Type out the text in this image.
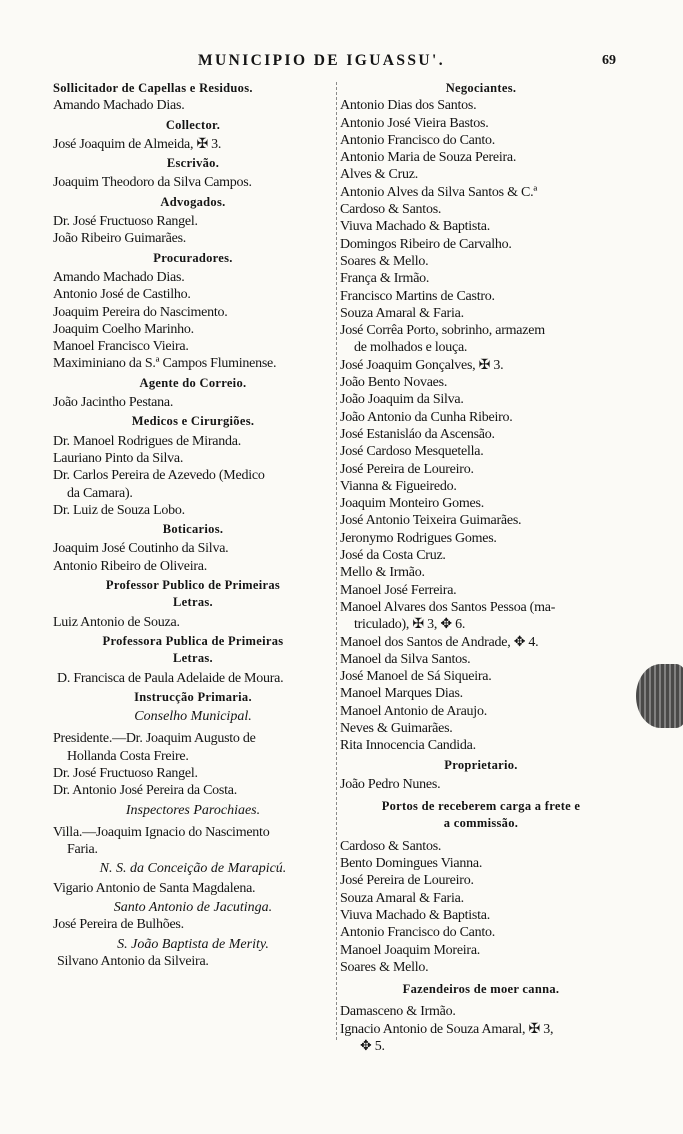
MUNICIPIO DE IGUASSU'.	69
Sollicitador de Capellas e Residuos.
Amando Machado Dias.
Collector.
José Joaquim de Almeida, ✠ 3.
Escrivão.
Joaquim Theodoro da Silva Campos.
Advogados.
Dr. José Fructuoso Rangel.
João Ribeiro Guimarães.
Procuradores.
Amando Machado Dias.
Antonio José de Castilho.
Joaquim Pereira do Nascimento.
Joaquim Coelho Marinho.
Manoel Francisco Vieira.
Maximiniano da S.ª Campos Fluminense.
Agente do Correio.
João Jacintho Pestana.
Medicos e Cirurgiões.
Dr. Manoel Rodrigues de Miranda.
Lauriano Pinto da Silva.
Dr. Carlos Pereira de Azevedo (Medico
da Camara).
Dr. Luiz de Souza Lobo.
Boticarios.
Joaquim José Coutinho da Silva.
Antonio Ribeiro de Oliveira.
Professor Publico de Primeiras
Letras.
Luiz Antonio de Souza.
Professora Publica de Primeiras
Letras.
D. Francisca de Paula Adelaide de Moura.
Instrucção Primaria.
Conselho Municipal.
Presidente.—Dr. Joaquim Augusto de
Hollanda Costa Freire.
Dr. José Fructuoso Rangel.
Dr. Antonio José Pereira da Costa.
Inspectores Parochiaes.
Villa.—Joaquim Ignacio do Nascimento
Faria.
N. S. da Conceição de Marapicú.
Vigario Antonio de Santa Magdalena.
Santo Antonio de Jacutinga.
José Pereira de Bulhões.
S. João Baptista de Merity.
Silvano Antonio da Silveira.
Negociantes.
Antonio Dias dos Santos.
Antonio José Vieira Bastos.
Antonio Francisco do Canto.
Antonio Maria de Souza Pereira.
Alves & Cruz.
Antonio Alves da Silva Santos & C.ª
Cardoso & Santos.
Viuva Machado & Baptista.
Domingos Ribeiro de Carvalho.
Soares & Mello.
França & Irmão.
Francisco Martins de Castro.
Souza Amaral & Faria.
José Corrêa Porto, sobrinho, armazem
de molhados e louça.
José Joaquim Gonçalves, ✠ 3.
João Bento Novaes.
João Joaquim da Silva.
João Antonio da Cunha Ribeiro.
José Estanisláo da Ascensão.
José Cardoso Mesquetella.
José Pereira de Loureiro.
Vianna & Figueiredo.
Joaquim Monteiro Gomes.
José Antonio Teixeira Guimarães.
Jeronymo Rodrigues Gomes.
José da Costa Cruz.
Mello & Irmão.
Manoel José Ferreira.
Manoel Alvares dos Santos Pessoa (ma-
triculado), ✠ 3, ✥ 6.
Manoel dos Santos de Andrade, ✥ 4.
Manoel da Silva Santos.
José Manoel de Sá Siqueira.
Manoel Marques Dias.
Manoel Antonio de Araujo.
Neves & Guimarães.
Rita Innocencia Candida.
Proprietario.
João Pedro Nunes.
Portos de receberem carga a frete e
a commissão.
Cardoso & Santos.
Bento Domingues Vianna.
José Pereira de Loureiro.
Souza Amaral & Faria.
Viuva Machado & Baptista.
Antonio Francisco do Canto.
Manoel Joaquim Moreira.
Soares & Mello.
Fazendeiros de moer canna.
Damasceno & Irmão.
Ignacio Antonio de Souza Amaral, ✠ 3,
✥ 5.
